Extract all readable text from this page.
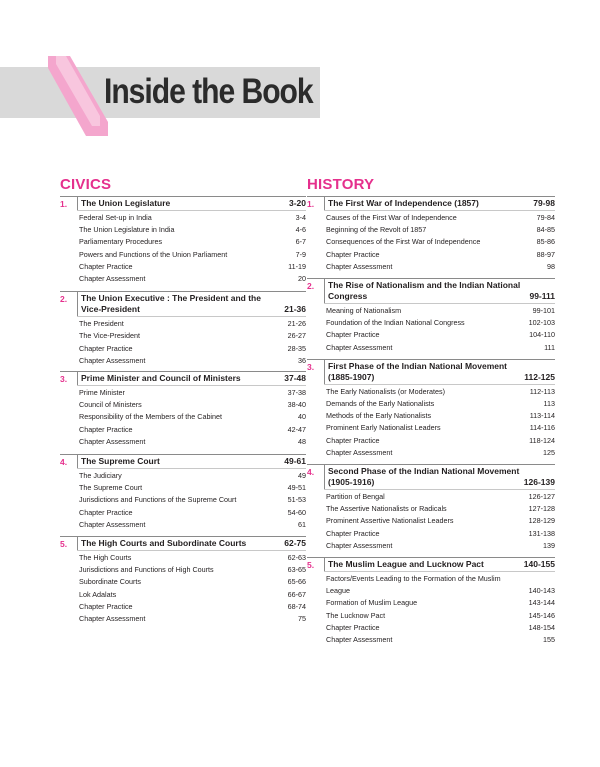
Inside the Book
CIVICS
1.	The Union Legislature	3-20
Federal Set-up in India	3-4
The Union Legislature in India	4-6
Parliamentary Procedures	6-7
Powers and Functions of the Union Parliament	7-9
Chapter Practice	11-19
Chapter Assessment	20
2.	The Union Executive : The President and the Vice-President	21-36
The President	21-26
The Vice-President	26-27
Chapter Practice	28-35
Chapter Assessment	36
3.	Prime Minister and Council of Ministers	37-48
Prime Minister	37-38
Council of Ministers	38-40
Responsibility of the Members of the Cabinet	40
Chapter Practice	42-47
Chapter Assessment	48
4.	The Supreme Court	49-61
The Judiciary	49
The Supreme Court	49-51
Jurisdictions and Functions of the Supreme Court	51-53
Chapter Practice	54-60
Chapter Assessment	61
5.	The High Courts and Subordinate Courts	62-75
The High Courts	62-63
Jurisdictions and Functions of High Courts	63-65
Subordinate Courts	65-66
Lok Adalats	66-67
Chapter Practice	68-74
Chapter Assessment	75
HISTORY
1.	The First War of Independence (1857)	79-98
Causes of the First War of Independence	79-84
Beginning of the Revolt of 1857	84-85
Consequences of the First War of Independence	85-86
Chapter Practice	88-97
Chapter Assessment	98
2.	The Rise of Nationalism and the Indian National Congress	99-111
Meaning of Nationalism	99-101
Foundation of the Indian National Congress	102-103
Chapter Practice	104-110
Chapter Assessment	111
3.	First Phase of the Indian National Movement (1885-1907)	112-125
The Early Nationalists (or Moderates)	112-113
Demands of the Early Nationalists	113
Methods of the Early Nationalists	113-114
Prominent Early Nationalist Leaders	114-116
Chapter Practice	118-124
Chapter Assessment	125
4.	Second Phase of the Indian National Movement (1905-1916)	126-139
Partition of Bengal	126-127
The Assertive Nationalists or Radicals	127-128
Prominent Assertive Nationalist Leaders	128-129
Chapter Practice	131-138
Chapter Assessment	139
5.	The Muslim League and Lucknow Pact	140-155
Factors/Events Leading to the Formation of the Muslim League	140-143
Formation of Muslim League	143-144
The Lucknow Pact	145-146
Chapter Practice	148-154
Chapter Assessment	155
